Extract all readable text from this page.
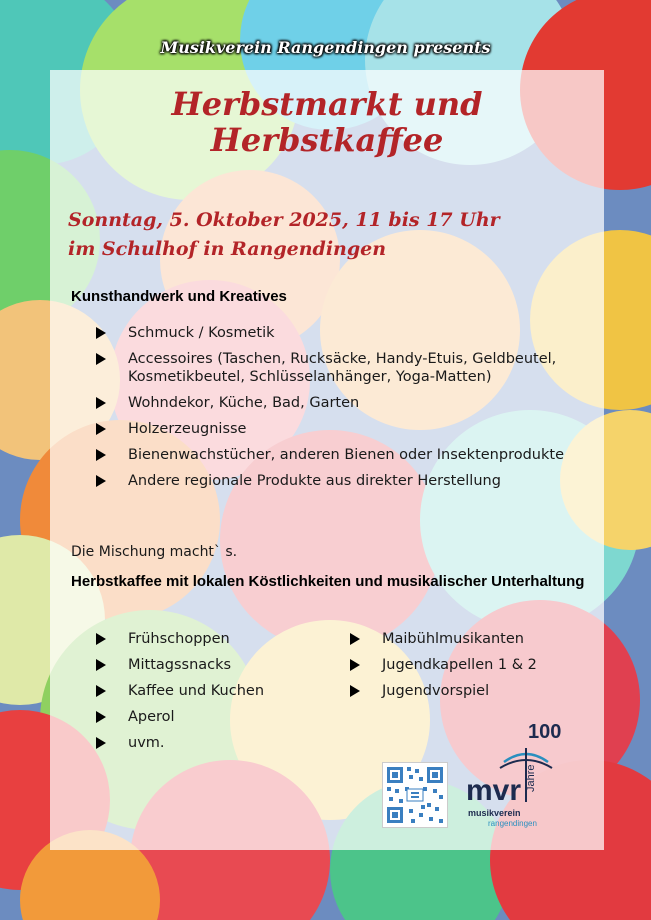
Musikverein Rangendingen presents
Herbstmarkt und
Herbstkaffee
Sonntag, 5. Oktober 2025, 11 bis 17 Uhr
im Schulhof in Rangendingen
Kunsthandwerk und Kreatives
Schmuck / Kosmetik
Accessoires (Taschen, Rucksäcke, Handy-Etuis, Geldbeutel, Kosmetikbeutel, Schlüsselanhänger, Yoga-Matten)
Wohndekor, Küche, Bad, Garten
Holzerzeugnisse
Bienenwachstücher, anderen Bienen oder Insektenprodukte
Andere regionale Produkte aus direkter Herstellung
Die Mischung macht` s.
Herbstkaffee mit lokalen Köstlichkeiten und musikalischer Unterhaltung
Frühschoppen
Mittagssnacks
Kaffee und Kuchen
Aperol
uvm.
Maibühlmusikanten
Jugendkapellen 1 & 2
Jugendvorspiel
100
mvr Jahre
musikverein
rangendingen
